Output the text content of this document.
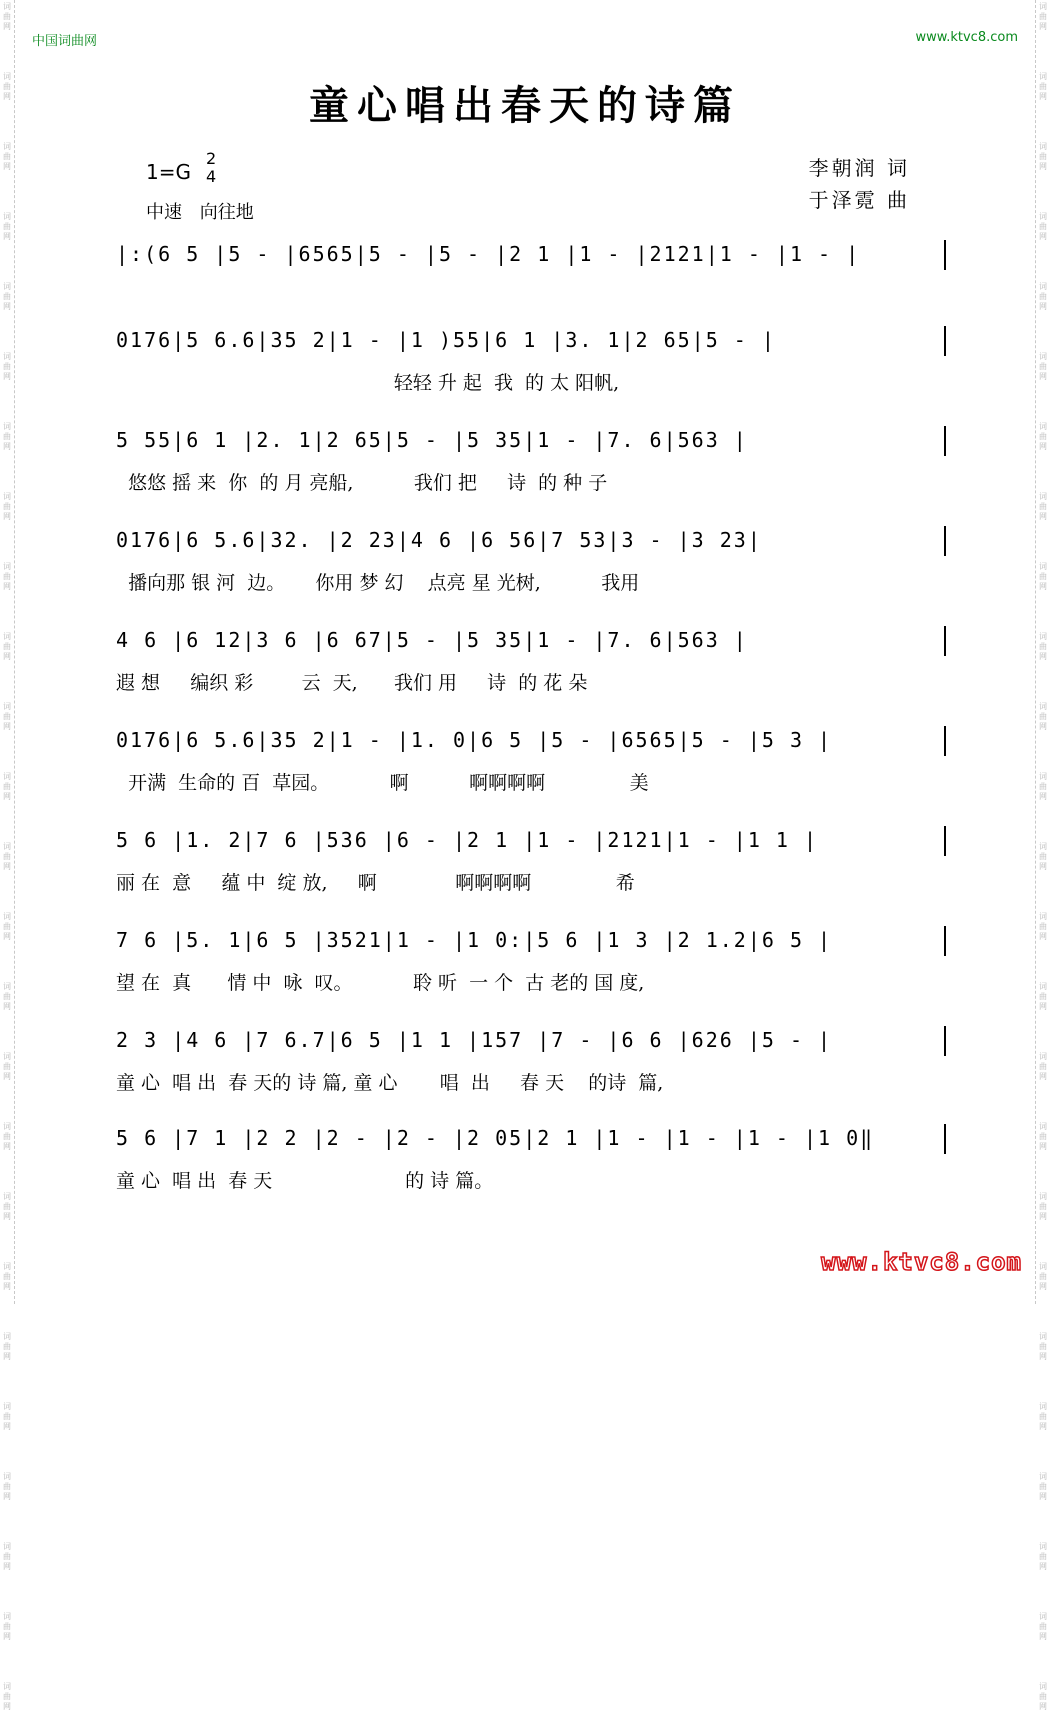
词
曲
网
词
曲
网
词
曲
网
词
曲
网
词
曲
网
词
曲
网
词
曲
网
词
曲
网
词
曲
网
词
曲
网
词
曲
网
词
曲
网
词
曲
网
词
曲
网
词
曲
网
词
曲
网
词
曲
网
词
曲
网
词
曲
网
词
曲
网
词
曲
网
词
曲
网
词
曲
网
词
曲
网
词
曲
网
词
曲
网
词
曲
网
词
曲
网
词
曲
网
词
曲
网
词
曲
网
词
曲
网
词
曲
网
词
曲
网
词
曲
网
词
曲
网
词
曲
网
词
曲
网
词
曲
网
词
曲
网
词
曲
网
词
曲
网
词
曲
网
词
曲
网
词
曲
网
词
曲
网
词
曲
网
词
曲
网
词
曲
网
词
曲
网
中国词曲网	www.ktvc8.com
童心唱出春天的诗篇
1=G
2
4
中速 向往地
李朝润 词
于泽霓 曲
|:(6 5 |5 - |6565|5 - |5 - |2 1 |1 - |2121|1 - |1 - |
0176|5 6.6|35 2|1 - |1 )55|6 1 |3. 1|2 65|5 - |
轻轻 升 起  我  的 太 阳帆,
5 55|6 1 |2. 1|2 65|5 - |5 35|1 - |7. 6|563 |
悠悠 摇 来  你  的 月 亮船,          我们 把     诗  的 种 子
0176|6 5.6|32. |2 23|4 6 |6 56|7 53|3 - |3 23|
播向那 银 河  边。     你用 梦 幻    点亮 星 光树,          我用
4 6 |6 12|3 6 |6 67|5 - |5 35|1 - |7. 6|563 |
遐 想     编织 彩        云  天,      我们 用     诗  的 花 朵
0176|6 5.6|35 2|1 - |1. 0|6 5 |5 - |6565|5 - |5 3 |
开满  生命的 百  草园。          啊          啊啊啊啊              美
5 6 |1. 2|7 6 |536 |6 - |2 1 |1 - |2121|1 - |1 1 |
丽 在  意     蕴 中  绽 放,     啊             啊啊啊啊              希
7 6 |5. 1|6 5 |3521|1 - |1 0:|5 6 |1 3 |2 1.2|6 5 |
望 在  真      情 中  咏  叹。          聆 听  一 个  古 老的 国 度,
2 3 |4 6 |7 6.7|6 5 |1 1 |157 |7 - |6 6 |626 |5 - |
童 心  唱 出  春 天的 诗 篇, 童 心       唱  出     春 天    的诗  篇,
5 6 |7 1 |2 2 |2 - |2 - |2 05|2 1 |1 - |1 - |1 - |1 0‖
童 心  唱 出  春 天                      的 诗 篇。
www.ktvc8.com
